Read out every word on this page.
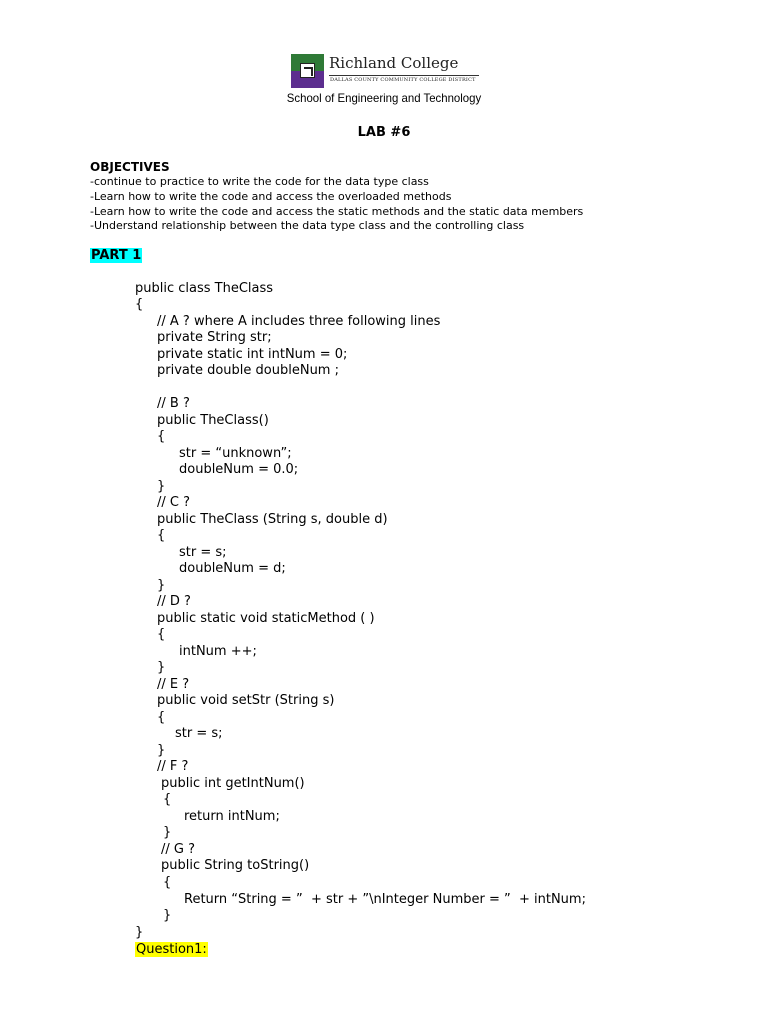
Richland College
DALLAS COUNTY COMMUNITY COLLEGE DISTRICT
School of Engineering and Technology
LAB #6
OBJECTIVES
-continue to practice to write the code for the data type class
-Learn how to write the code and access the overloaded methods
-Learn how to write the code and access the static methods and the static data members
-Understand relationship between the data type class and the controlling class
PART 1
public class TheClass
{
// A ? where A includes three following lines
private String str;
private static int intNum = 0;
private double doubleNum ;
// B ?
public TheClass()
{
str = “unknown”;
doubleNum = 0.0;
}
// C ?
public TheClass (String s, double d)
{
str = s;
doubleNum = d;
}
// D ?
public static void staticMethod ( )
{
intNum ++;
}
// E ?
public void setStr (String s)
{
str = s;
}
// F ?
public int getIntNum()
{
return intNum;
}
// G ?
public String toString()
{
Return “String = ”  + str + ”\nInteger Number = ”  + intNum;
}
}
Question1:
